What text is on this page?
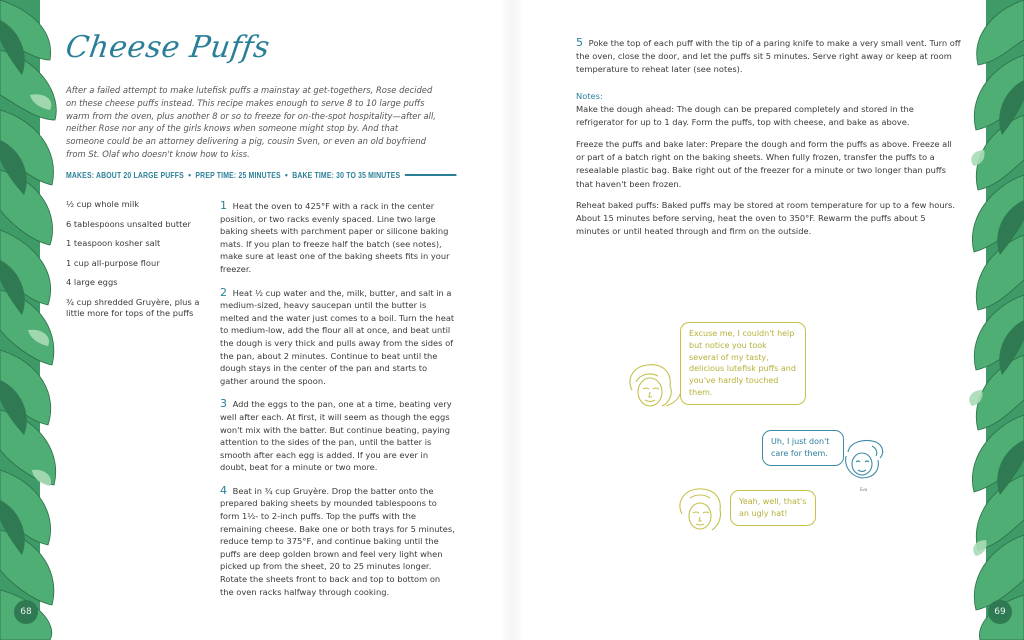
Cheese Puffs
After a failed attempt to make lutefisk puffs a mainstay at get-togethers, Rose decided on these cheese puffs instead. This recipe makes enough to serve 8 to 10 large puffs warm from the oven, plus another 8 or so to freeze for on-the-spot hospitality—after all, neither Rose nor any of the girls knows when someone might stop by. And that someone could be an attorney delivering a pig, cousin Sven, or even an old boyfriend from St. Olaf who doesn't know how to kiss.
MAKES: ABOUT 20 LARGE PUFFS • PREP TIME: 25 MINUTES • BAKE TIME: 30 TO 35 MINUTES
½ cup whole milk
6 tablespoons unsalted butter
1 teaspoon kosher salt
1 cup all-purpose flour
4 large eggs
¾ cup shredded Gruyère, plus a little more for tops of the puffs
1 Heat the oven to 425°F with a rack in the center position, or two racks evenly spaced. Line two large baking sheets with parchment paper or silicone baking mats. If you plan to freeze half the batch (see notes), make sure at least one of the baking sheets fits in your freezer.
2 Heat ½ cup water and the, milk, butter, and salt in a medium-sized, heavy saucepan until the butter is melted and the water just comes to a boil. Turn the heat to medium-low, add the flour all at once, and beat until the dough is very thick and pulls away from the sides of the pan, about 2 minutes. Continue to beat until the dough stays in the center of the pan and starts to gather around the spoon.
3 Add the eggs to the pan, one at a time, beating very well after each. At first, it will seem as though the eggs won't mix with the batter. But continue beating, paying attention to the sides of the pan, until the batter is smooth after each egg is added. If you are ever in doubt, beat for a minute or two more.
4 Beat in ¾ cup Gruyère. Drop the batter onto the prepared baking sheets by mounded tablespoons to form 1½- to 2-inch puffs. Top the puffs with the remaining cheese. Bake one or both trays for 5 minutes, reduce temp to 375°F, and continue baking until the puffs are deep golden brown and feel very light when picked up from the sheet, 20 to 25 minutes longer. Rotate the sheets front to back and top to bottom on the oven racks halfway through cooking.
68
5 Poke the top of each puff with the tip of a paring knife to make a very small vent. Turn off the oven, close the door, and let the puffs sit 5 minutes. Serve right away or keep at room temperature to reheat later (see notes).
Notes:
Make the dough ahead: The dough can be prepared completely and stored in the refrigerator for up to 1 day. Form the puffs, top with cheese, and bake as above.
Freeze the puffs and bake later: Prepare the dough and form the puffs as above. Freeze all or part of a batch right on the baking sheets. When fully frozen, transfer the puffs to a resealable plastic bag. Bake right out of the freezer for a minute or two longer than puffs that haven't been frozen.
Reheat baked puffs: Baked puffs may be stored at room temperature for up to a few hours. About 15 minutes before serving, heat the oven to 350°F. Rewarm the puffs about 5 minutes or until heated through and firm on the outside.
Excuse me, I couldn't help but notice you took several of my tasty, delicious lutefisk puffs and you've hardly touched them.
Uh, I just don't care for them.
Eva
Yeah, well, that's an ugly hat!
69
